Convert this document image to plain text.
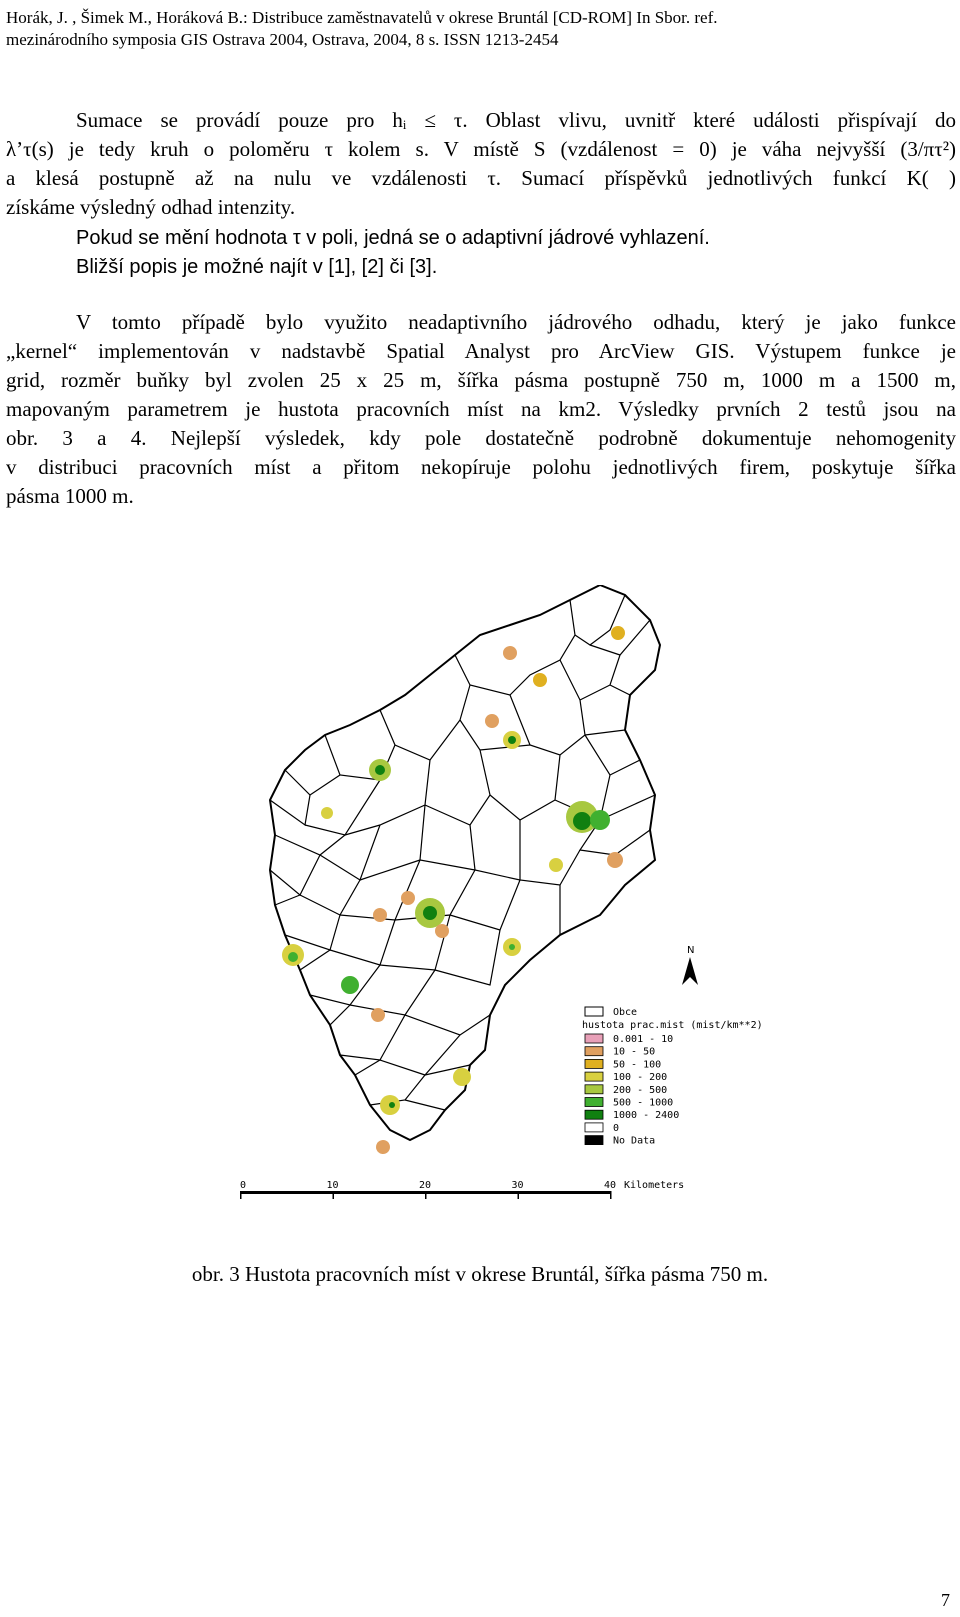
Horák, J. , Šimek M., Horáková B.: Distribuce zaměstnavatelů v okrese Bruntál [CD-ROM] In Sbor. ref.
mezinárodního symposia GIS Ostrava 2004, Ostrava, 2004, 8 s. ISSN 1213-2454
Sumace se provádí pouze pro hᵢ ≤ τ. Oblast vlivu, uvnitř které události přispívají do
λ’τ(s) je tedy kruh o poloměru τ kolem s. V místě S (vzdálenost = 0) je váha nejvyšší (3/πτ²)
a klesá postupně až na nulu ve vzdálenosti τ. Sumací příspěvků jednotlivých funkcí K( )
získáme výsledný odhad intenzity.
Pokud se mění hodnota τ v poli, jedná se o adaptivní jádrové vyhlazení.
Bližší popis je možné najít v [1], [2] či [3].
V tomto případě bylo využito neadaptivního jádrového odhadu, který je jako funkce
„kernel“ implementován v nadstavbě Spatial Analyst pro ArcView GIS. Výstupem funkce je
grid, rozměr buňky byl zvolen 25 x 25 m, šířka pásma postupně 750 m, 1000 m a 1500 m,
mapovaným parametrem je hustota pracovních míst na km2. Výsledky prvních 2 testů jsou na
obr. 3 a 4. Nejlepší výsledek, kdy pole dostatečně podrobně dokumentuje nehomogenity
v distribuci pracovních míst a přitom nekopíruje polohu jednotlivých firem, poskytuje šířka
pásma 1000 m.
N
Obce
hustota prac.mist (mist/km**2)
0.001 - 10
10 - 50
50 - 100
100 - 200
200 - 500
500 - 1000
1000 - 2400
0
No Data
0	10	20	30	40 Kilometers
obr. 3 Hustota pracovních míst v okrese Bruntál, šířka pásma 750 m.
7
